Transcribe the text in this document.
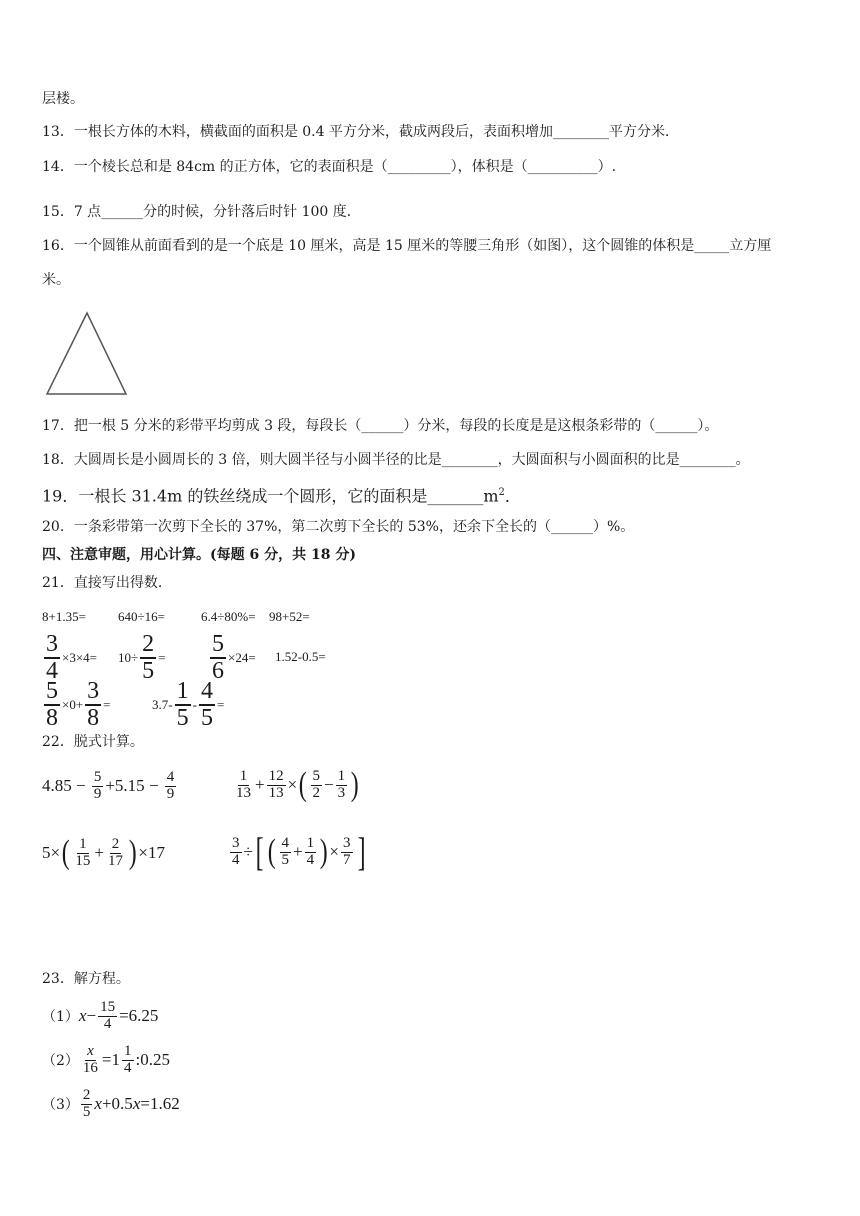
层楼。
13．一根长方体的木料，横截面的面积是 0.4 平方分米，截成两段后，表面积增加________平方分米．
14．一个棱长总和是 84cm 的正方体，它的表面积是（_________），体积是（__________）.
15．7 点______分的时候，分针落后时针 100 度．
16．一个圆锥从前面看到的是一个底是 10 厘米，高是 15 厘米的等腰三角形（如图），这个圆锥的体积是_____立方厘
米。
17．把一根 5 分米的彩带平均剪成 3 段，每段长（______）分米，每段的长度是是这根条彩带的（______）。
18．大圆周长是小圆周长的 3 倍，则大圆半径与小圆半径的比是________，大圆面积与小圆面积的比是________。
19．一根长 31.4m 的铁丝绕成一个圆形，它的面积是$\_\_\_\_\_\_\_m^2$．
20．一条彩带第一次剪下全长的 37%，第二次剪下全长的 53%，还余下全长的（______）%。
四、注意审题，用心计算。(每题 6 分，共 18 分)
21．直接写出得数.
8+1.35= 640÷16=	6.4÷80%= 98+52=
$\frac{3}{4} \times 3\times 4= 10\div \frac{2}{5} = \frac{5}{6} \times 24= 1.52-0.5=$
$\frac{5}{8} \times 0+ \frac{3}{8}$ =	$3.7- \frac{1}{5} - \frac{4}{5}$ =
22．脱式计算。
$4.85 - \frac{5}{9} +5.15 - \frac{4}{9}$	$\frac{1}{13} + \frac{12}{13}$ × ( $\frac{5}{2} - \frac{1}{3}$ )
5 × ( $\frac{1}{15} + \frac{2}{17}$ ) × 17	$\frac{3}{4}$ ÷ [ ( $\frac{4}{5} + \frac{1}{4}$ ) × $\frac{3}{7}$ ]
23．解方程。
（1） $x - \frac{15}{4} = 6.25$
$(2) \frac{x}{16} = 1 \frac{1}{4}$ :0.25
$(3) \frac{2}{5}$ x +0.5 x = 1.62
